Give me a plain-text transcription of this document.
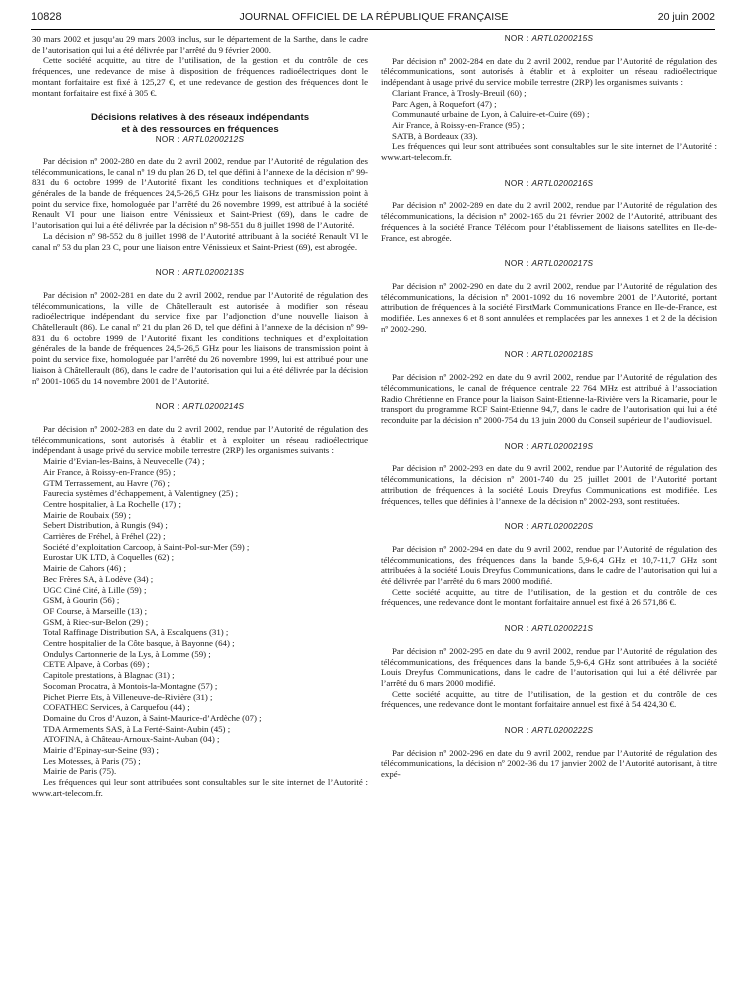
10828	JOURNAL OFFICIEL DE LA RÉPUBLIQUE FRANÇAISE	20 juin 2002

30 mars 2002 et jusqu’au 29 mars 2003 inclus, sur le département de la Sarthe, dans le cadre de l’autorisation qui lui a été délivrée par l’arrêté du 9 février 2000.

Cette société acquitte, au titre de l’utilisation, de la gestion et du contrôle de ces fréquences, une redevance de mise à disposition de fréquences radioélectriques dont le montant forfaitaire est fixé à 125,27 €, et une redevance de gestion des fréquences dont le montant forfaitaire est fixé à 305 €.

Décisions relatives à des réseaux indépendants
et à des ressources en fréquences
NOR : ARTL0200212S

Par décision nº 2002-280 en date du 2 avril 2002, rendue par l’Autorité de régulation des télécommunications, le canal nº 19 du plan 26 D, tel que défini à l’annexe de la décision nº 99-831 du 6 octobre 1999 de l’Autorité fixant les conditions techniques et d’exploitation générales de la bande de fréquences 24,5-26,5 GHz pour les liaisons de transmission point à point du service fixe, homologuée par l’arrêté du 26 novembre 1999, est attribué à la société Renault VI pour une liaison entre Vénissieux et Saint-Priest (69), dans le cadre de l’autorisation qui lui a été délivrée par la décision nº 98-551 du 8 juillet 1998 de l’Autorité.

La décision nº 98-552 du 8 juillet 1998 de l’Autorité attribuant à la société Renault VI le canal nº 53 du plan 23 C, pour une liaison entre Vénissieux et Saint-Priest (69), est abrogée.

NOR : ARTL0200213S

Par décision nº 2002-281 en date du 2 avril 2002, rendue par l’Autorité de régulation des télécommunications, la ville de Châtellerault est autorisée à modifier son réseau radioélectrique indépendant du service fixe par l’adjonction d’une nouvelle liaison à Châtellerault (86). Le canal nº 21 du plan 26 D, tel que défini à l’annexe de la décision nº 99-831 du 6 octobre 1999 de l’Autorité fixant les conditions techniques et d’exploitation générales de la bande de fréquences 24,5-26,5 GHz pour les liaisons de transmission point à point du service fixe, homologuée par l’arrêté du 26 novembre 1999, lui est attribué pour une liaison à Châtellerault (86), dans le cadre de l’autorisation qui lui a été délivrée par la décision nº 2001-1065 du 14 novembre 2001 de l’Autorité.

NOR : ARTL0200214S

Par décision nº 2002-283 en date du 2 avril 2002, rendue par l’Autorité de régulation des télécommunications, sont autorisés à établir et à exploiter un réseau radioélectrique indépendant à usage privé du service mobile terrestre (2RP) les organismes suivants :

Mairie d’Evian-les-Bains, à Neuvecelle (74) ;
Air France, à Roissy-en-France (95) ;
GTM Terrassement, au Havre (76) ;
Faurecia systèmes d’échappement, à Valentigney (25) ;
Centre hospitalier, à La Rochelle (17) ;
Mairie de Roubaix (59) ;
Sebert Distribution, à Rungis (94) ;
Carrières de Fréhel, à Fréhel (22) ;
Société d’exploitation Carcoop, à Saint-Pol-sur-Mer (59) ;
Eurostar UK LTD, à Coquelles (62) ;
Mairie de Cahors (46) ;
Bec Frères SA, à Lodève (34) ;
UGC Ciné Cité, à Lille (59) ;
GSM, à Gourin (56) ;
OF Course, à Marseille (13) ;
GSM, à Riec-sur-Belon (29) ;
Total Raffinage Distribution SA, à Escalquens (31) ;
Centre hospitalier de la Côte basque, à Bayonne (64) ;
Ondulys Cartonnerie de la Lys, à Lomme (59) ;
CETE Alpave, à Corbas (69) ;
Capitole prestations, à Blagnac (31) ;
Socoman Procatra, à Montois-la-Montagne (57) ;
Pichet Pierre Ets, à Villeneuve-de-Rivière (31) ;
COFATHEC Services, à Carquefou (44) ;
Domaine du Cros d’Auzon, à Saint-Maurice-d’Ardèche (07) ;
TDA Armements SAS, à La Ferté-Saint-Aubin (45) ;
ATOFINA, à Château-Arnoux-Saint-Auban (04) ;
Mairie d’Epinay-sur-Seine (93) ;
Les Motesses, à Paris (75) ;
Mairie de Paris (75).

Les fréquences qui leur sont attribuées sont consultables sur le site internet de l’Autorité : www.art-telecom.fr.

NOR : ARTL0200215S

Par décision nº 2002-284 en date du 2 avril 2002, rendue par l’Autorité de régulation des télécommunications, sont autorisés à établir et à exploiter un réseau radioélectrique indépendant à usage privé du service mobile terrestre (2RP) les organismes suivants :

Clariant France, à Trosly-Breuil (60) ;
Parc Agen, à Roquefort (47) ;
Communauté urbaine de Lyon, à Caluire-et-Cuire (69) ;
Air France, à Roissy-en-France (95) ;
SATB, à Bordeaux (33).

Les fréquences qui leur sont attribuées sont consultables sur le site internet de l’Autorité : www.art-telecom.fr.

NOR : ARTL0200216S

Par décision nº 2002-289 en date du 2 avril 2002, rendue par l’Autorité de régulation des télécommunications, la décision nº 2002-165 du 21 février 2002 de l’Autorité, attribuant des fréquences à la société France Télécom pour l’établissement de liaisons satellites en Ile-de-France, est abrogée.

NOR : ARTL0200217S

Par décision nº 2002-290 en date du 2 avril 2002, rendue par l’Autorité de régulation des télécommunications, la décision nº 2001-1092 du 16 novembre 2001 de l’Autorité, portant attribution de fréquences à la société FirstMark Communications France en Ile-de-France, est modifiée. Les annexes 6 et 8 sont annulées et remplacées par les annexes 1 et 2 de la décision nº 2002-290.

NOR : ARTL0200218S

Par décision nº 2002-292 en date du 9 avril 2002, rendue par l’Autorité de régulation des télécommunications, le canal de fréquence centrale 22 764 MHz est attribué à l’association Radio Chrétienne en France pour la liaison Saint-Etienne-la-Rivière vers la Ricamarie, pour le transport du programme RCF Saint-Etienne 94,7, dans le cadre de l’autorisation qui lui a été reconduite par la décision nº 2000-754 du 13 juin 2000 du Conseil supérieur de l’audiovisuel.

NOR : ARTL0200219S

Par décision nº 2002-293 en date du 9 avril 2002, rendue par l’Autorité de régulation des télécommunications, la décision nº 2001-740 du 25 juillet 2001 de l’Autorité portant attribution de fréquences à la société Louis Dreyfus Communications est modifiée. Les fréquences, telles que définies à l’annexe de la décision nº 2002-293, sont restituées.

NOR : ARTL0200220S

Par décision nº 2002-294 en date du 9 avril 2002, rendue par l’Autorité de régulation des télécommunications, des fréquences dans la bande 5,9-6,4 GHz et 10,7-11,7 GHz sont attribuées à la société Louis Dreyfus Communications, dans le cadre de l’autorisation qui lui a été délivrée par l’arrêté du 6 mars 2000 modifié.

Cette société acquitte, au titre de l’utilisation, de la gestion et du contrôle de ces fréquences, une redevance dont le montant forfaitaire annuel est fixé à 26 571,86 €.

NOR : ARTL0200221S

Par décision nº 2002-295 en date du 9 avril 2002, rendue par l’Autorité de régulation des télécommunications, des fréquences dans la bande 5,9-6,4 GHz sont attribuées à la société Louis Dreyfus Communications, dans le cadre de l’autorisation qui lui a été délivrée par l’arrêté du 6 mars 2000 modifié.

Cette société acquitte, au titre de l’utilisation, de la gestion et du contrôle de ces fréquences, une redevance dont le montant forfaitaire annuel est fixé à 54 424,30 €.

NOR : ARTL0200222S

Par décision nº 2002-296 en date du 9 avril 2002, rendue par l’Autorité de régulation des télécommunications, la décision nº 2002-36 du 17 janvier 2002 de l’Autorité autorisant, à titre expé-
